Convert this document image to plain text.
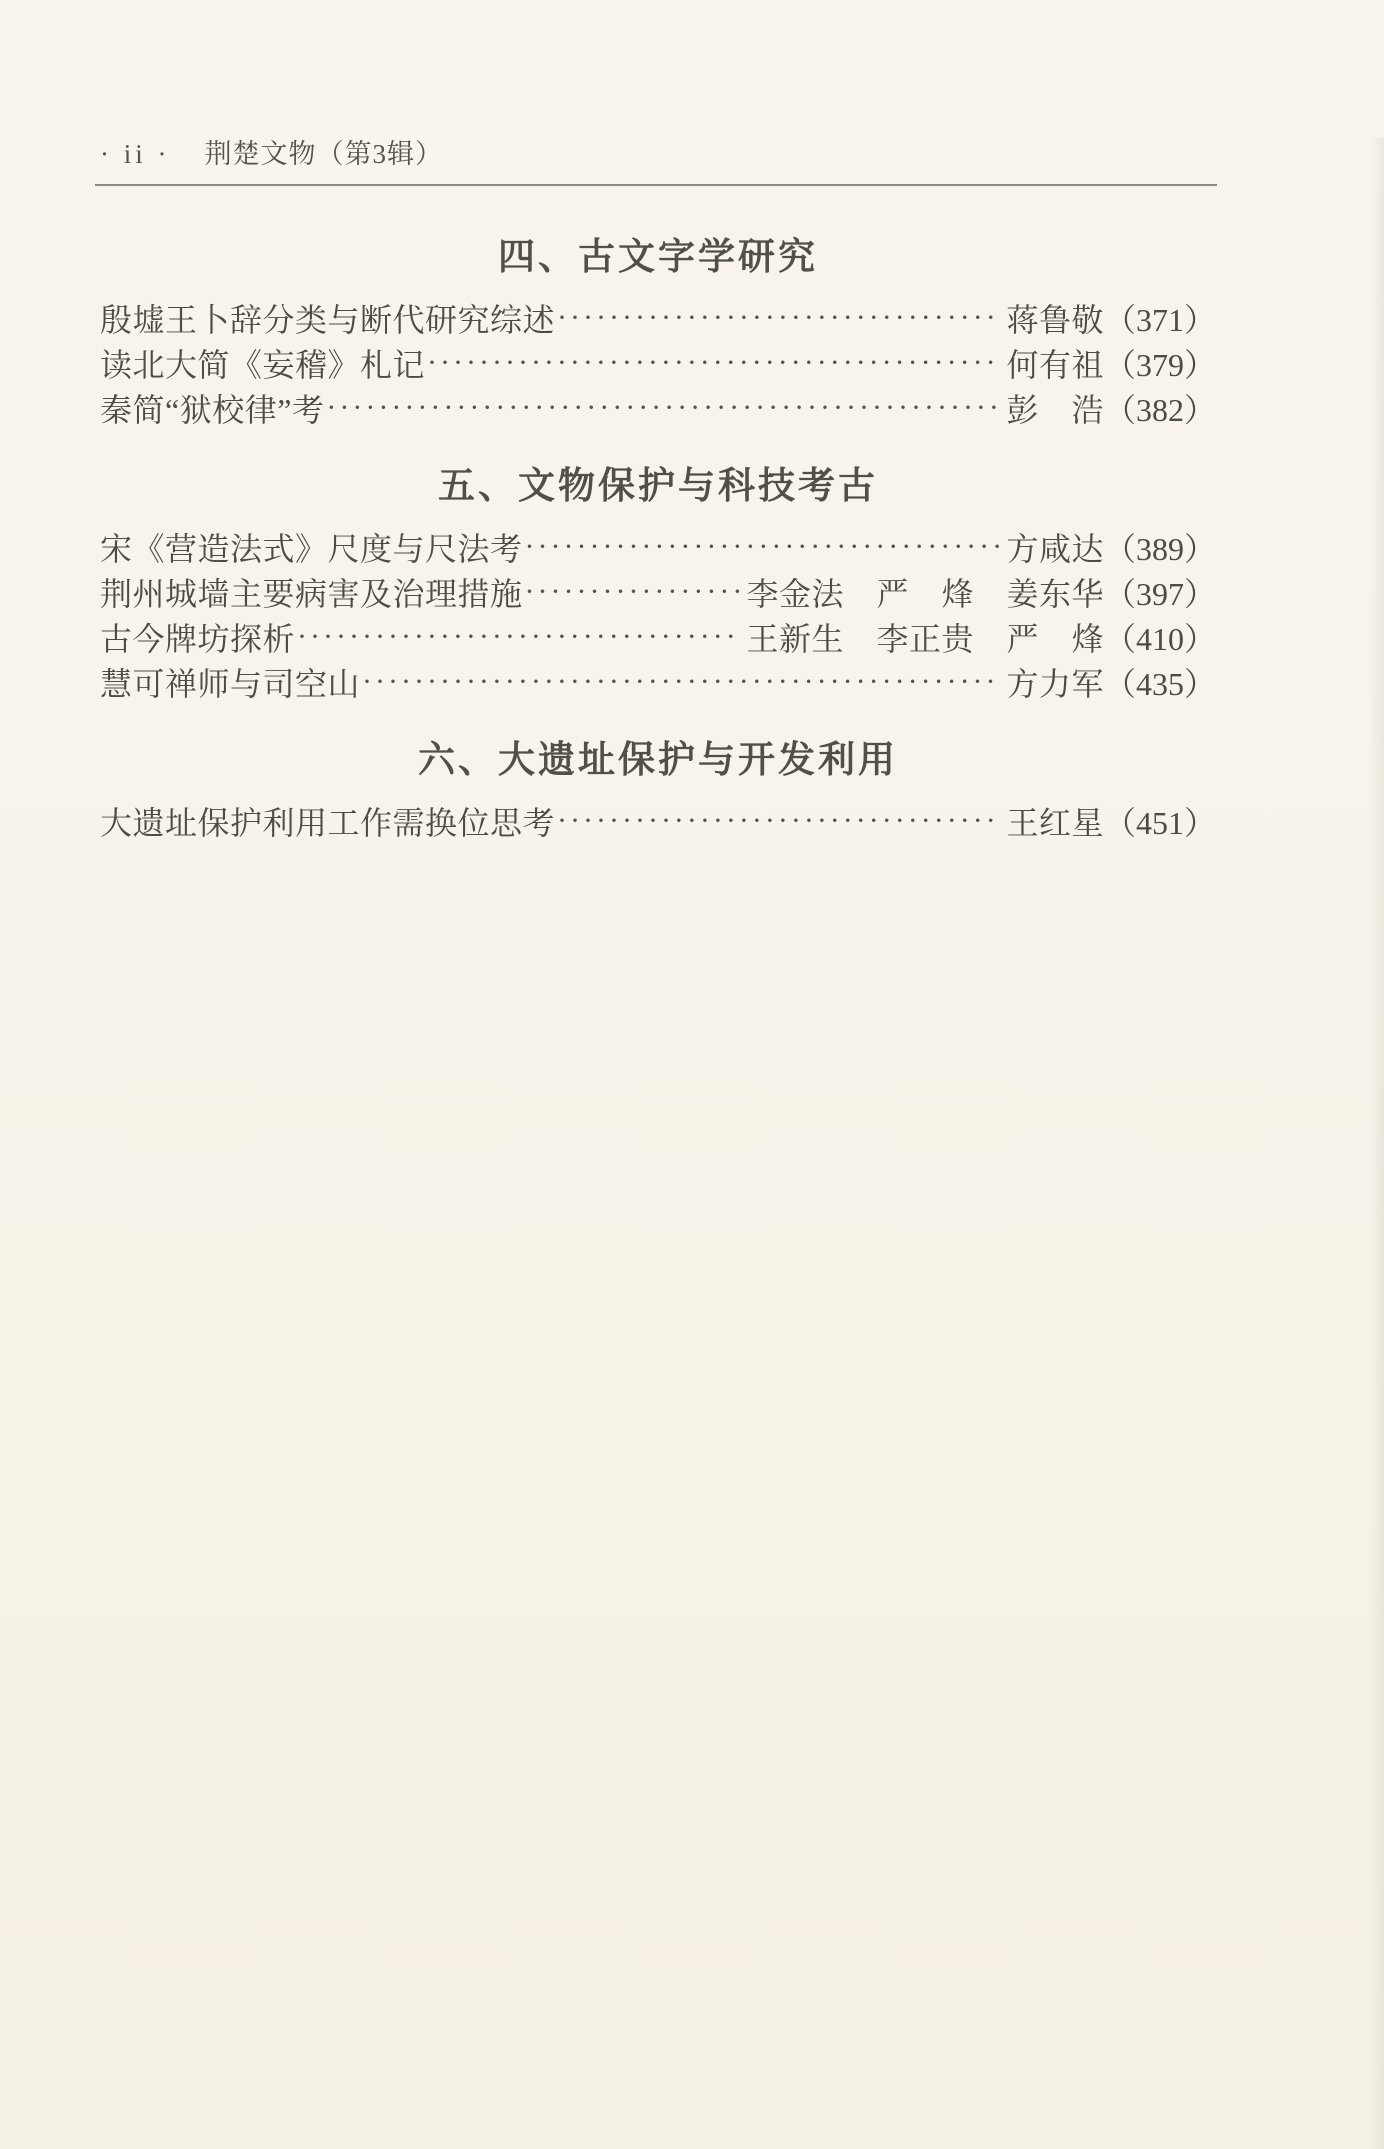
· ii · 荆楚文物（第3辑）
四、古文字学研究
殷墟王卜辞分类与断代研究综述 ·····	蒋鲁敬 （371）
读北大简《妄稽》札记 ·····	何有祖 （379）
秦简“狱校律”考 ·····	彭　浩 （382）
五、文物保护与科技考古
宋《营造法式》尺度与尺法考 ·····	方咸达 （389）
荆州城墙主要病害及治理措施 ·····	李金法　严　烽　姜东华 （397）
古今牌坊探析 ·····	王新生　李正贵　严　烽 （410）
慧可禅师与司空山 ·····	方力军 （435）
六、大遗址保护与开发利用
大遗址保护利用工作需换位思考 ·····	王红星 （451）
